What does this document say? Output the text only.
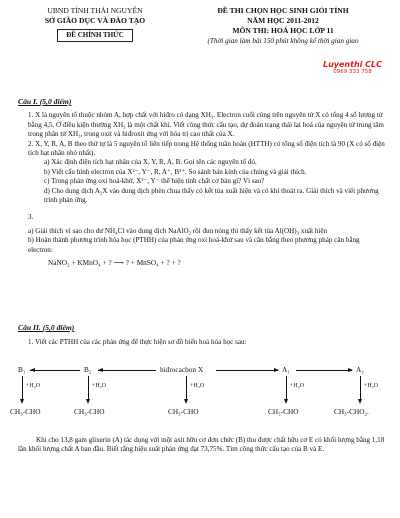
UBND TỈNH THÁI NGUYÊN
SỞ GIÁO DỤC VÀ ĐÀO TẠO
ĐỀ CHÍNH THỨC
ĐỀ THI CHỌN HỌC SINH GIỎI TỈNH
NĂM HỌC 2011-2012
MÔN THI: HOÁ HỌC LỚP 11
(Thời gian làm bài 150 phút không kể thời gian giao
Luyenthi CLC
0969 333 758
Câu I. (5,0 điểm)
1. X là nguyên tố thuộc nhóm A, hợp chất với hiđro có dạng XH₃. Electron cuối cùng trên nguyên tử X có tổng 4 số lượng tử bằng 4,5. Ở điều kiện thường XH₃ là một chất khí. Viết công thức cấu tạo, dự đoán trạng thái lai hoá của nguyên tử trung tâm trong phân tử XH₃, trong oxit và hiđroxit ứng với hóa trị cao nhất của X.
2. X, Y, R, A, B theo thứ tự là 5 nguyên tố liên tiếp trong Hệ thống tuần hoàn (HTTH) có tổng số điện tích là 90 (X có số điện tích hạt nhân nhỏ nhất).
a) Xác định điện tích hạt nhân của X, Y, R, A, B. Gọi tên các nguyên tố đó.
b) Viết cấu hình electron của X²⁻, Y⁻, R, A⁺, B²⁺. So sánh bán kính của chúng và giải thích.
c) Trong phản ứng oxi hoá-khử, X²⁻, Y⁻ thể hiện tính chất cơ bản gì? Vì sao?
d) Cho dung dịch A₂X vào dung dịch phèn chua thấy có kết tủa xuất hiện và có khí thoát ra. Giải thích và viết phương trình phản ứng.
3.
a) Giải thích vì sao cho dư NH₄Cl vào dung dịch NaAlO₂ rồi đun nóng thì thấy kết tủa Al(OH)₃ xuất hiện
b) Hoàn thành phương trình hóa học (PTHH) của phản ứng oxi hoá-khử sau và cân bằng theo phương pháp cân bằng electron:
NaNO₂ + KMnO₄ + ? ⟶ ? + MnSO₄ + ? + ?
Câu II. (5,0 điểm)
1. Viết các PTHH của các phản ứng để thực hiện sơ đồ biến hoá hóa học sau:
B₁	B₂	hiđrocacbon X	A₁	A₂
+H₂O	+H₂O	+H₂O	+H₂O	+H₂O
CH₃-CHO	CH₃-CHO	CH₃-CHO	CH₃-CHO	CH₃-CHO₂.
Khi cho 13,8 gam glixerin (A) tác dụng với một axit hữu cơ đơn chức (B) thu được chất hữu cơ E có khối lượng bằng 1,18 lần khối lượng chất A ban đầu. Biết rằng hiệu suất phản ứng đạt 73,75%. Tìm công thức cấu tạo của B và E.
